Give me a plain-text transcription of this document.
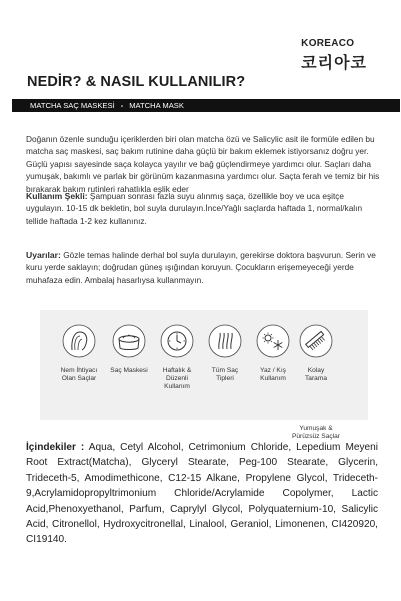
KOREACO
코리아코
NEDİR? & NASIL KULLANILIR?
MATCHA SAÇ MASKESİ - MATCHA MASK
Doğanın özenle sunduğu içeriklerden biri olan matcha özü ve Salicylic asit ile formüle edilen bu matcha saç maskesi, saç bakım rutinine daha güçlü bir bakım eklemek istiyorsanız doğru yer. Güçlü yapısı sayesinde saça kolayca yayılır ve bağ güçlendirmeye yardımcı olur. Saçları daha yumuşak, bakımlı ve parlak bir görünüm kazanmasına yardımcı olur. Saçta ferah ve temiz bir his bırakarak bakım rutinleri rahatlıkla eşlik eder
Kullanım Şekli: Şampuan sonrası fazla suyu alınmış saça, özellikle boy ve uca eşitçe uygulayın. 10-15 dk bekletin, bol suyla durulayın.İnce/Yağlı saçlarda haftada 1, normal/kalın tellide haftada 1-2 kez kullanınız.
Uyarılar: Gözle temas halinde derhal bol suyla durulayın, gerekirse doktora başvurun. Serin ve kuru yerde saklayın; doğrudan güneş ışığından koruyun. Çocukların erişemeyeceği yerde muhafaza edin. Ambalaj hasarlıysa kullanmayın.
Nem İhtiyacı
Olan Saçlar
Saç Maskesi	Haftalık &
Düzenli
Kullanım
Tüm Saç
Tipleri
Yaz / Kış
Kullanım
Kolay
Tarama
Yumuşak &
Pürüzsüz Saçlar
İçindekiler : Aqua, Cetyl Alcohol, Cetrimonium Chloride, Lepedium Meyeni Root Extract(Matcha), Glyceryl Stearate, Peg-100 Stearate, Glycerin, Trideceth-5, Amodimethicone, C12-15 Alkane, Propylene Glycol, Trideceth-9,Acrylamidopropyltrimonium Chloride/Acrylamide Copolymer, Lactic Acid,Phenoxyethanol, Parfum, Caprylyl Glycol, Polyquaternium-10, Salicylic Acid, Citronellol, Hydroxycitronellal, Linalool, Geraniol, Limonenen, CI420920, CI19140.
